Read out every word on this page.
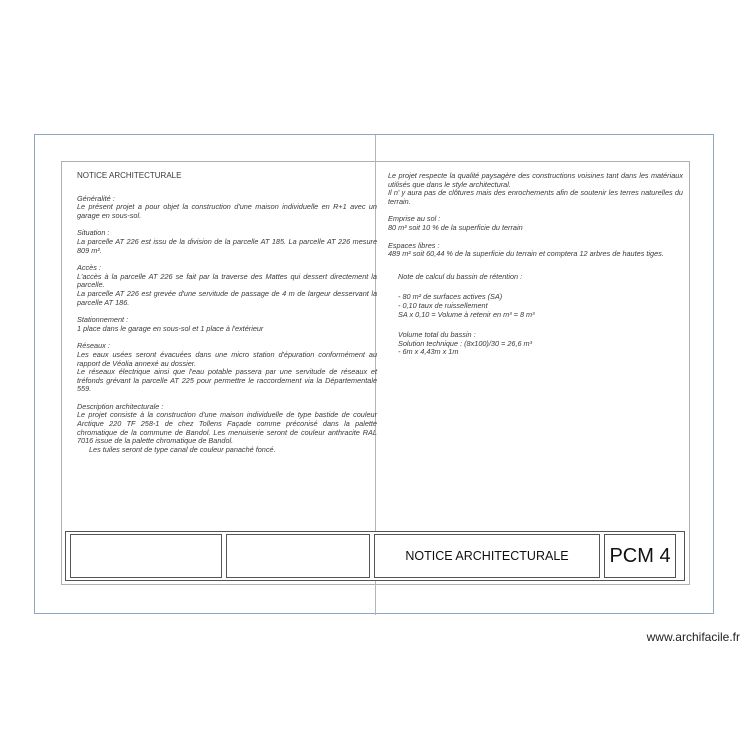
NOTICE ARCHITECTURALE

Généralité :

Le présent projet a pour objet la construction d'une maison individuelle en R+1 avec un garage en sous-sol.

Situation :

La parcelle AT 226 est issu de la division de la parcelle AT 185. La parcelle AT 226 mesure 809 m².

Accès :

L'accès à la parcelle AT 226 se fait par la traverse des Mattes qui dessert directement la parcelle.

La parcelle AT 226 est grevée d'une servitude de passage de 4 m de largeur desservant la parcelle AT 186.

Stationnement :

1 place dans le garage en sous-sol et 1 place à l'extérieur

Réseaux :

Les eaux usées seront évacuées dans une micro station d'épuration conformément au rapport de Véolia annexé au dossier.

Le réseaux électrique ainsi que l'eau potable passera par une servitude de réseaux et tréfonds grévant la parcelle AT 225 pour permettre le raccordement via la Départementale 559.

Description architecturale :

Le projet consiste à la construction d'une maison individuelle de type bastide de couleur Arctique 220 TF 258-1 de chez Tollens Façade comme préconisé dans la palette chromatique de la commune de Bandol. Les menuiserie seront de couleur anthracite RAL 7016 issue de la palette chromatique de Bandol.

Les tuiles seront de type canal de couleur panaché foncé.

Le projet respecte la qualité paysagère des constructions voisines tant dans les matériaux utilisés que dans le style architectural.

Il n' y aura pas de clôtures mais des enrochements afin de soutenir les terres naturelles du terrain.

Emprise au sol :

80 m² soit 10 % de la superficie du terrain

Espaces libres :

489 m² soit 60,44 % de la superficie du terrain et comptera 12 arbres de hautes tiges.

Note de calcul du bassin de rétention :

- 80 m² de surfaces actives (SA)

- 0,10 taux de ruissellement

SA x 0,10 = Volume à retenir en m³ = 8 m³

Volume total du bassin :

Solution technique : (8x100)/30 = 26,6 m³

- 6m x 4,43m x 1m

NOTICE ARCHITECTURALE	PCM 4
www.archifacile.fr
